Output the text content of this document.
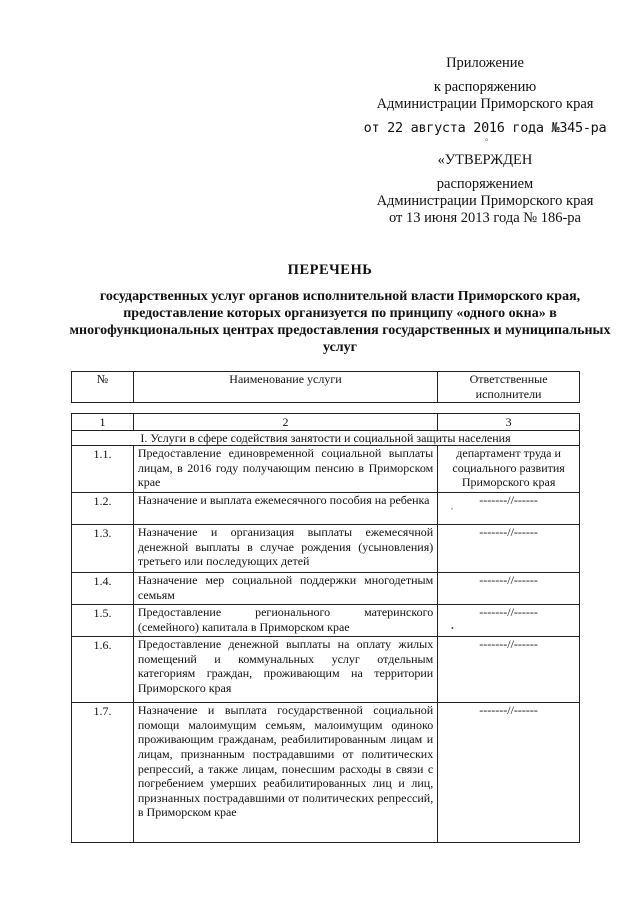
Приложение
к распоряжению
Администрации Приморского края
от 22 августа 2016 года №345-ра
«УТВЕРЖДЕН
распоряжением
Администрации Приморского края
от 13 июня 2013 года № 186-ра
°
ПЕРЕЧЕНЬ
государственных услуг органов исполнительной власти Приморского края, предоставление которых организуется по принципу «одного окна» в многофункциональных центрах предоставления государственных и муниципальных услуг
№	Наименование услуги	Ответственные исполнители
1	2	3
I. Услуги в сфере содействия занятости и социальной защиты населения		
1.1.	Предоставление единовременной социальной выплаты лицам, в 2016 году получающим пенсию в Приморском крае	департамент труда и социального развития Приморского края
1.2.	Назначение и выплата ежемесячного пособия на ребенка	-------//------
1.3.	Назначение и организация выплаты ежемесячной денежной выплаты в случае рождения (усыновления) третьего или последующих детей	-------//------
1.4.	Назначение мер социальной поддержки многодетным семьям	-------//------
1.5.	Предоставление регионального материнского (семейного) капитала в Приморском крае	-------//------
1.6.	Предоставление денежной выплаты на оплату жилых помещений и коммунальных услуг отдельным категориям граждан, проживающим на территории Приморского края	-------//------
1.7.	Назначение и выплата государственной социальной помощи малоимущим семьям, малоимущим одиноко проживающим гражданам, реабилитированным лицам и лицам, признанным пострадавшими от политических репрессий, а также лицам, понесшим расходы в связи с погребением умерших реабилитированных лиц и лиц, признанных пострадавшими от политических репрессий, в Приморском крае	-------//------
,
•
